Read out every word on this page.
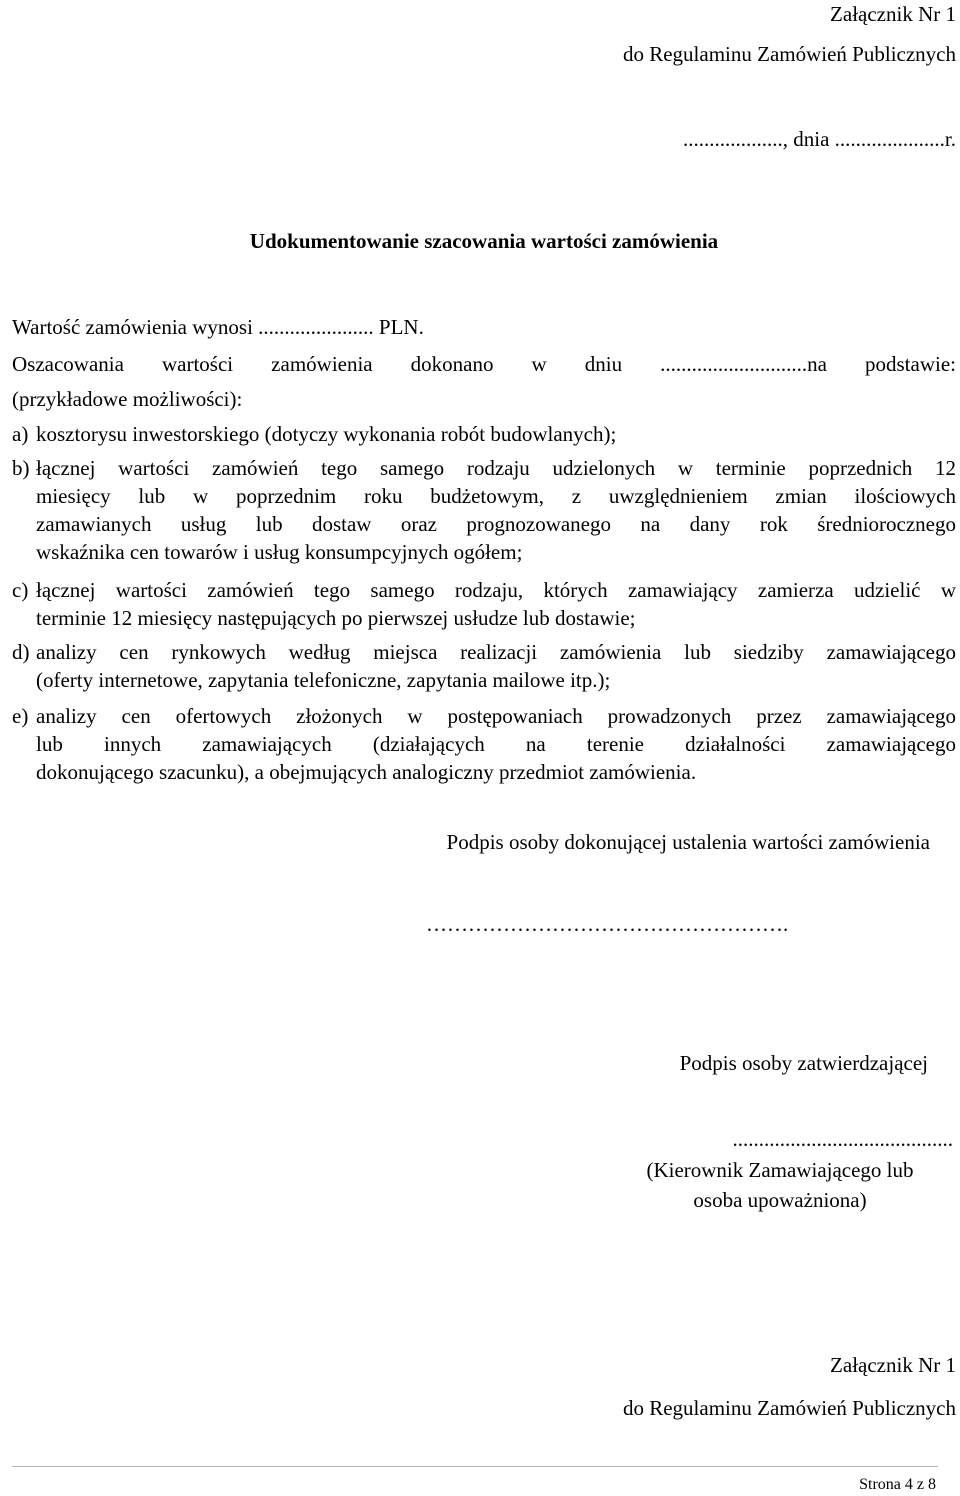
Załącznik Nr 1
do Regulaminu Zamówień Publicznych
..................., dnia .....................r.
Udokumentowanie szacowania wartości zamówienia
Wartość zamówienia wynosi ...................... PLN.
Oszacowania wartości zamówienia dokonano w dniu ............................na podstawie:
(przykładowe możliwości):
a) kosztorysu inwestorskiego (dotyczy wykonania robót budowlanych);
b) łącznej wartości zamówień tego samego rodzaju udzielonych w terminie poprzednich 12
miesięcy lub w poprzednim roku budżetowym, z uwzględnieniem zmian ilościowych
zamawianych usług lub dostaw oraz prognozowanego na dany rok średniorocznego
wskaźnika cen towarów i usług konsumpcyjnych ogółem;
c) łącznej wartości zamówień tego samego rodzaju, których zamawiający zamierza udzielić w
terminie 12 miesięcy następujących po pierwszej usłudze lub dostawie;
d) analizy cen rynkowych według miejsca realizacji zamówienia lub siedziby zamawiającego
(oferty internetowe, zapytania telefoniczne, zapytania mailowe itp.);
e) analizy cen ofertowych złożonych w postępowaniach prowadzonych przez zamawiającego
lub innych zamawiających (działających na terenie działalności zamawiającego
dokonującego szacunku), a obejmujących analogiczny przedmiot zamówienia.
Podpis osoby dokonującej ustalenia wartości zamówienia
…………………………………………….
Podpis osoby zatwierdzającej
..........................................
(Kierownik Zamawiającego lub
osoba upoważniona)
Załącznik Nr 1
do Regulaminu Zamówień Publicznych
Strona 4 z 8
